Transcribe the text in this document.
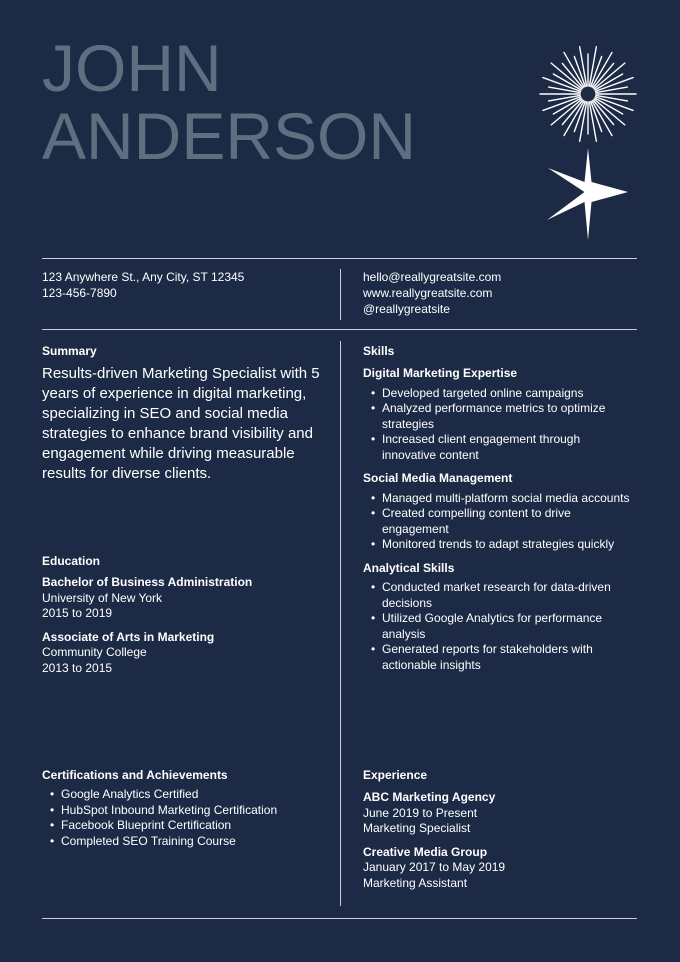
JOHN
ANDERSON
123 Anywhere St., Any City, ST 12345
123-456-7890
hello@reallygreatsite.com
www.reallygreatsite.com
@reallygreatsite
Summary

Results-driven Marketing Specialist with 5 years of experience in digital marketing, specializing in SEO and social media strategies to enhance brand visibility and engagement while driving measurable results for diverse clients.

Education
Bachelor of Business Administration
University of New York
2015 to 2019
Associate of Arts in Marketing
Community College
2013 to 2015
Certifications and Achievements
• Google Analytics Certified
• HubSpot Inbound Marketing Certification
• Facebook Blueprint Certification
• Completed SEO Training Course
Skills
Digital Marketing Expertise
• Developed targeted online campaigns
• Analyzed performance metrics to optimize strategies
• Increased client engagement through innovative content
Social Media Management
• Managed multi-platform social media accounts
• Created compelling content to drive engagement
• Monitored trends to adapt strategies quickly
Analytical Skills
• Conducted market research for data-driven decisions
• Utilized Google Analytics for performance analysis
• Generated reports for stakeholders with actionable insights
Experience
ABC Marketing Agency
June 2019 to Present
Marketing Specialist
Creative Media Group
January 2017 to May 2019
Marketing Assistant
